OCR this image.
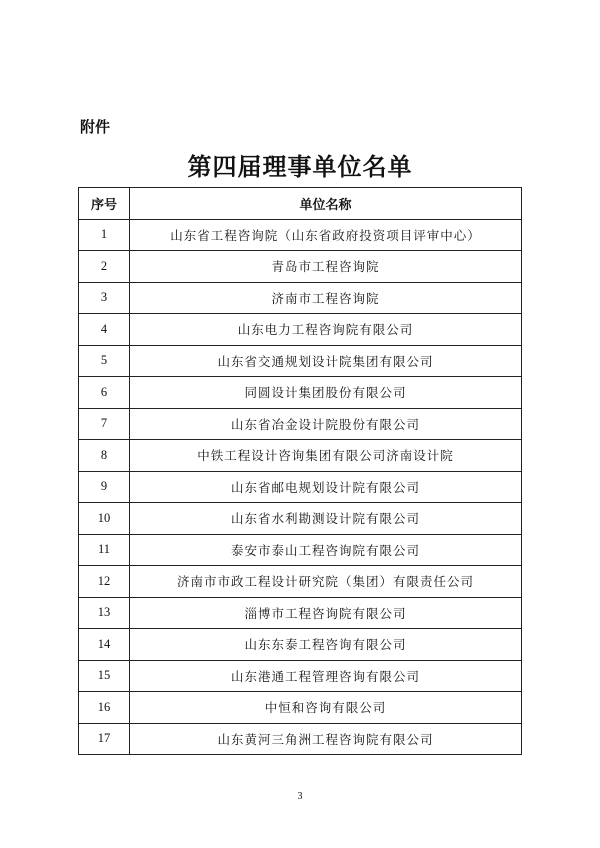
附件
第四届理事单位名单
序号	单位名称
1	山东省工程咨询院（山东省政府投资项目评审中心）
2	青岛市工程咨询院
3	济南市工程咨询院
4	山东电力工程咨询院有限公司
5	山东省交通规划设计院集团有限公司
6	同圆设计集团股份有限公司
7	山东省冶金设计院股份有限公司
8	中铁工程设计咨询集团有限公司济南设计院
9	山东省邮电规划设计院有限公司
10	山东省水利勘测设计院有限公司
11	泰安市泰山工程咨询院有限公司
12	济南市市政工程设计研究院（集团）有限责任公司
13	淄博市工程咨询院有限公司
14	山东东泰工程咨询有限公司
15	山东港通工程管理咨询有限公司
16	中恒和咨询有限公司
17	山东黄河三角洲工程咨询院有限公司
3
